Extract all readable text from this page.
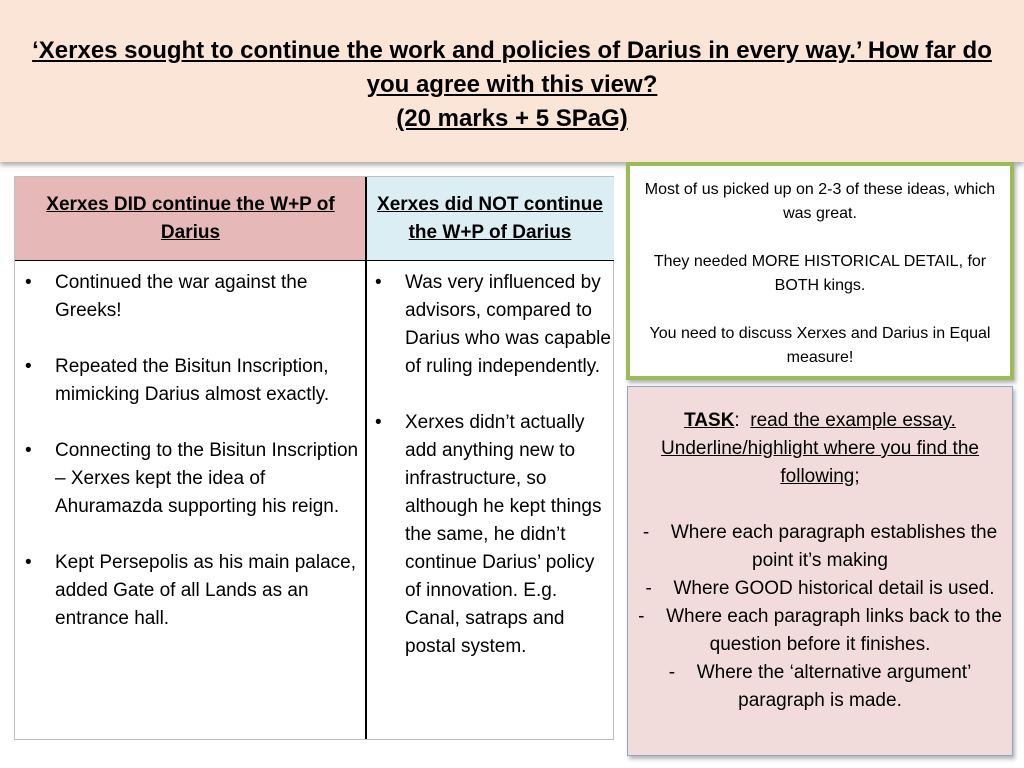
‘Xerxes sought to continue the work and policies of Darius in every way.’ How far do
you agree with this view?
(20 marks + 5 SPaG)
Xerxes DID continue the W+P of Darius
Xerxes did NOT continue the W+P of Darius
• Continued the war against the Greeks!
• Repeated the Bisitun Inscription, mimicking Darius almost exactly.
• Connecting to the Bisitun Inscription – Xerxes kept the idea of Ahuramazda supporting his reign.
• Kept Persepolis as his main palace, added Gate of all Lands as an entrance hall.
• Was very influenced by advisors, compared to Darius who was capable of ruling independently.
• Xerxes didn’t actually add anything new to infrastructure, so although he kept things the same, he didn’t continue Darius’ policy of innovation. E.g. Canal, satraps and postal system.

Most of us picked up on 2-3 of these ideas, which was great.

They needed MORE HISTORICAL DETAIL, for BOTH kings.

You need to discuss Xerxes and Darius in Equal measure!

TASK: read the example essay. Underline/highlight where you find the following;
- Where each paragraph establishes the point it’s making
- Where GOOD historical detail is used.
- Where each paragraph links back to the question before it finishes.
- Where the ‘alternative argument’ paragraph is made.
